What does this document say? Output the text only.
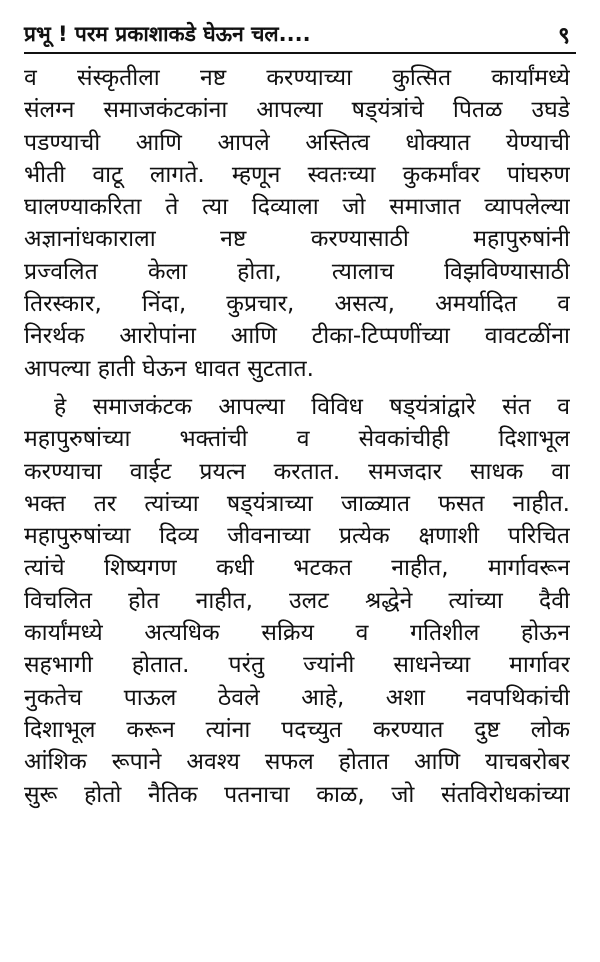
प्रभू ! परम प्रकाशाकडे घेऊन चल....	९
व संस्कृतीला नष्ट करण्याच्या कुत्सित कार्यांमध्ये
संलग्न समाजकंटकांना आपल्या षड्‌यंत्रांचे पितळ उघडे
पडण्याची आणि आपले अस्तित्व धोक्यात येण्याची
भीती वाटू लागते. म्हणून स्वतःच्या कुकर्मांवर पांघरुण
घालण्याकरिता ते त्या दिव्याला जो समाजात व्यापलेल्या
अज्ञानांधकाराला नष्ट करण्यासाठी महापुरुषांनी
प्रज्वलित केला होता, त्यालाच विझविण्यासाठी
तिरस्कार, निंदा, कुप्रचार, असत्य, अमर्यादित व
निरर्थक आरोपांना आणि टीका-टिप्पणींच्या वावटळींना
आपल्या हाती घेऊन धावत सुटतात.
हे समाजकंटक आपल्या विविध षड्‌यंत्रांद्वारे संत व
महापुरुषांच्या भक्तांची व सेवकांचीही दिशाभूल
करण्याचा वाईट प्रयत्न करतात. समजदार साधक वा
भक्त तर त्यांच्या षड्‌यंत्राच्या जाळ्यात फसत नाहीत.
महापुरुषांच्या दिव्य जीवनाच्या प्रत्येक क्षणाशी परिचित
त्यांचे शिष्यगण कधी भटकत नाहीत, मार्गावरून
विचलित होत नाहीत, उलट श्रद्धेने त्यांच्या दैवी
कार्यांमध्ये अत्यधिक सक्रिय व गतिशील होऊन
सहभागी होतात. परंतु ज्यांनी साधनेच्या मार्गावर
नुकतेच पाऊल ठेवले आहे, अशा नवपथिकांची
दिशाभूल करून त्यांना पदच्युत करण्यात दुष्ट लोक
आंशिक रूपाने अवश्य सफल होतात आणि याचबरोबर
सुरू होतो नैतिक पतनाचा काळ, जो संतविरोधकांच्या
